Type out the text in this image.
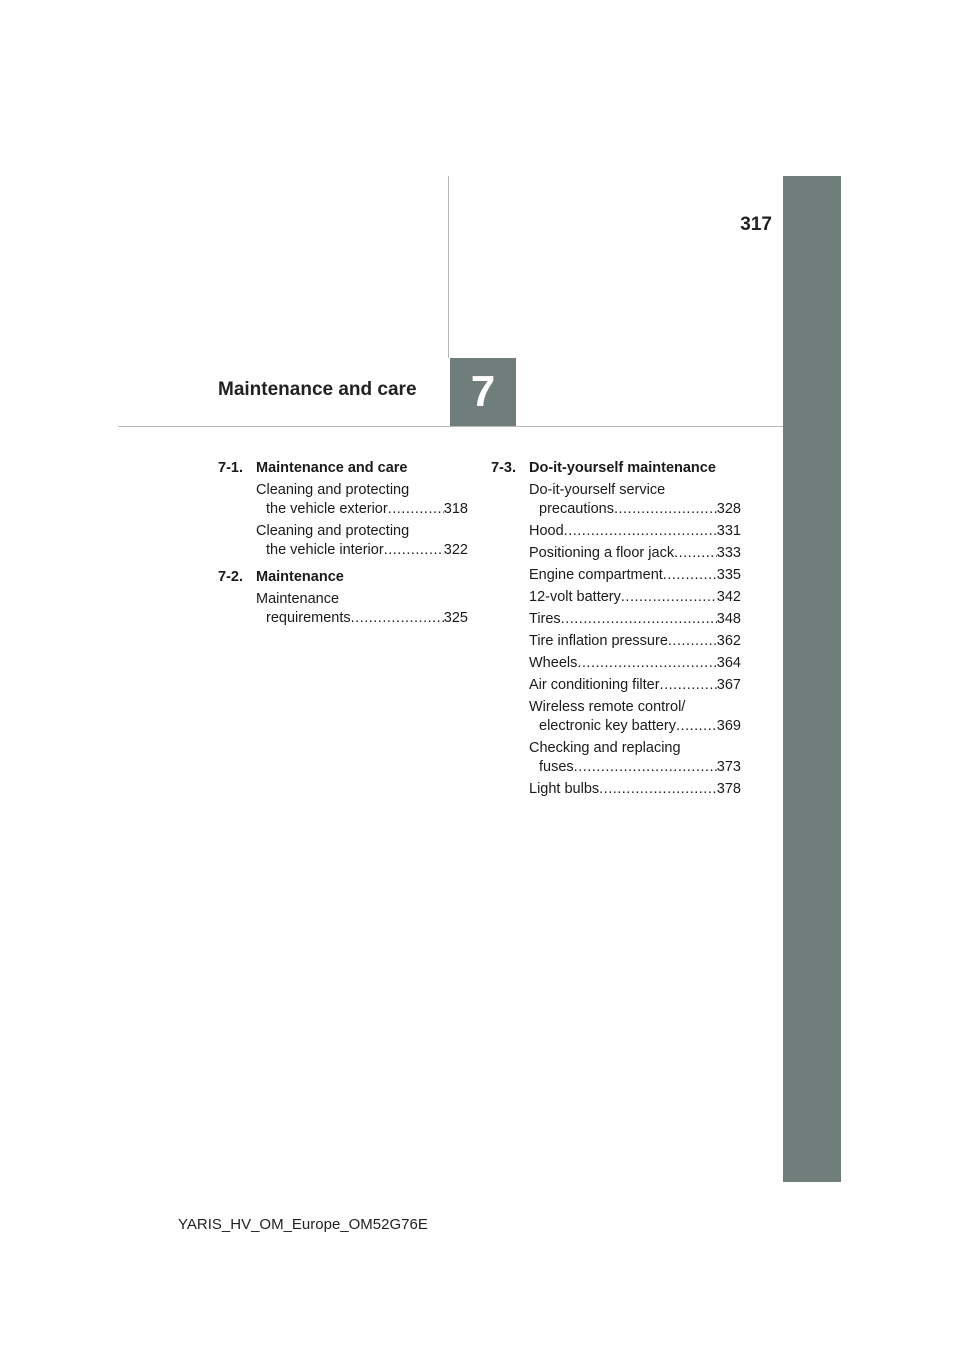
317
7
Maintenance and care
7-1. Maintenance and care
Cleaning and protecting
the vehicle exterior .....	318
Cleaning and protecting
the vehicle interior .....	322
7-2. Maintenance
Maintenance
requirements .....	325
7-3. Do-it-yourself maintenance
Do-it-yourself service
precautions .....	328
Hood .....	331
Positioning a floor jack .....	333
Engine compartment .....	335
12-volt battery .....	342
Tires .....	348
Tire inflation pressure .....	362
Wheels .....	364
Air conditioning filter .....	367
Wireless remote control/
electronic key battery .....	369
Checking and replacing
fuses .....	373
Light bulbs .....	378
YARIS_HV_OM_Europe_OM52G76E
